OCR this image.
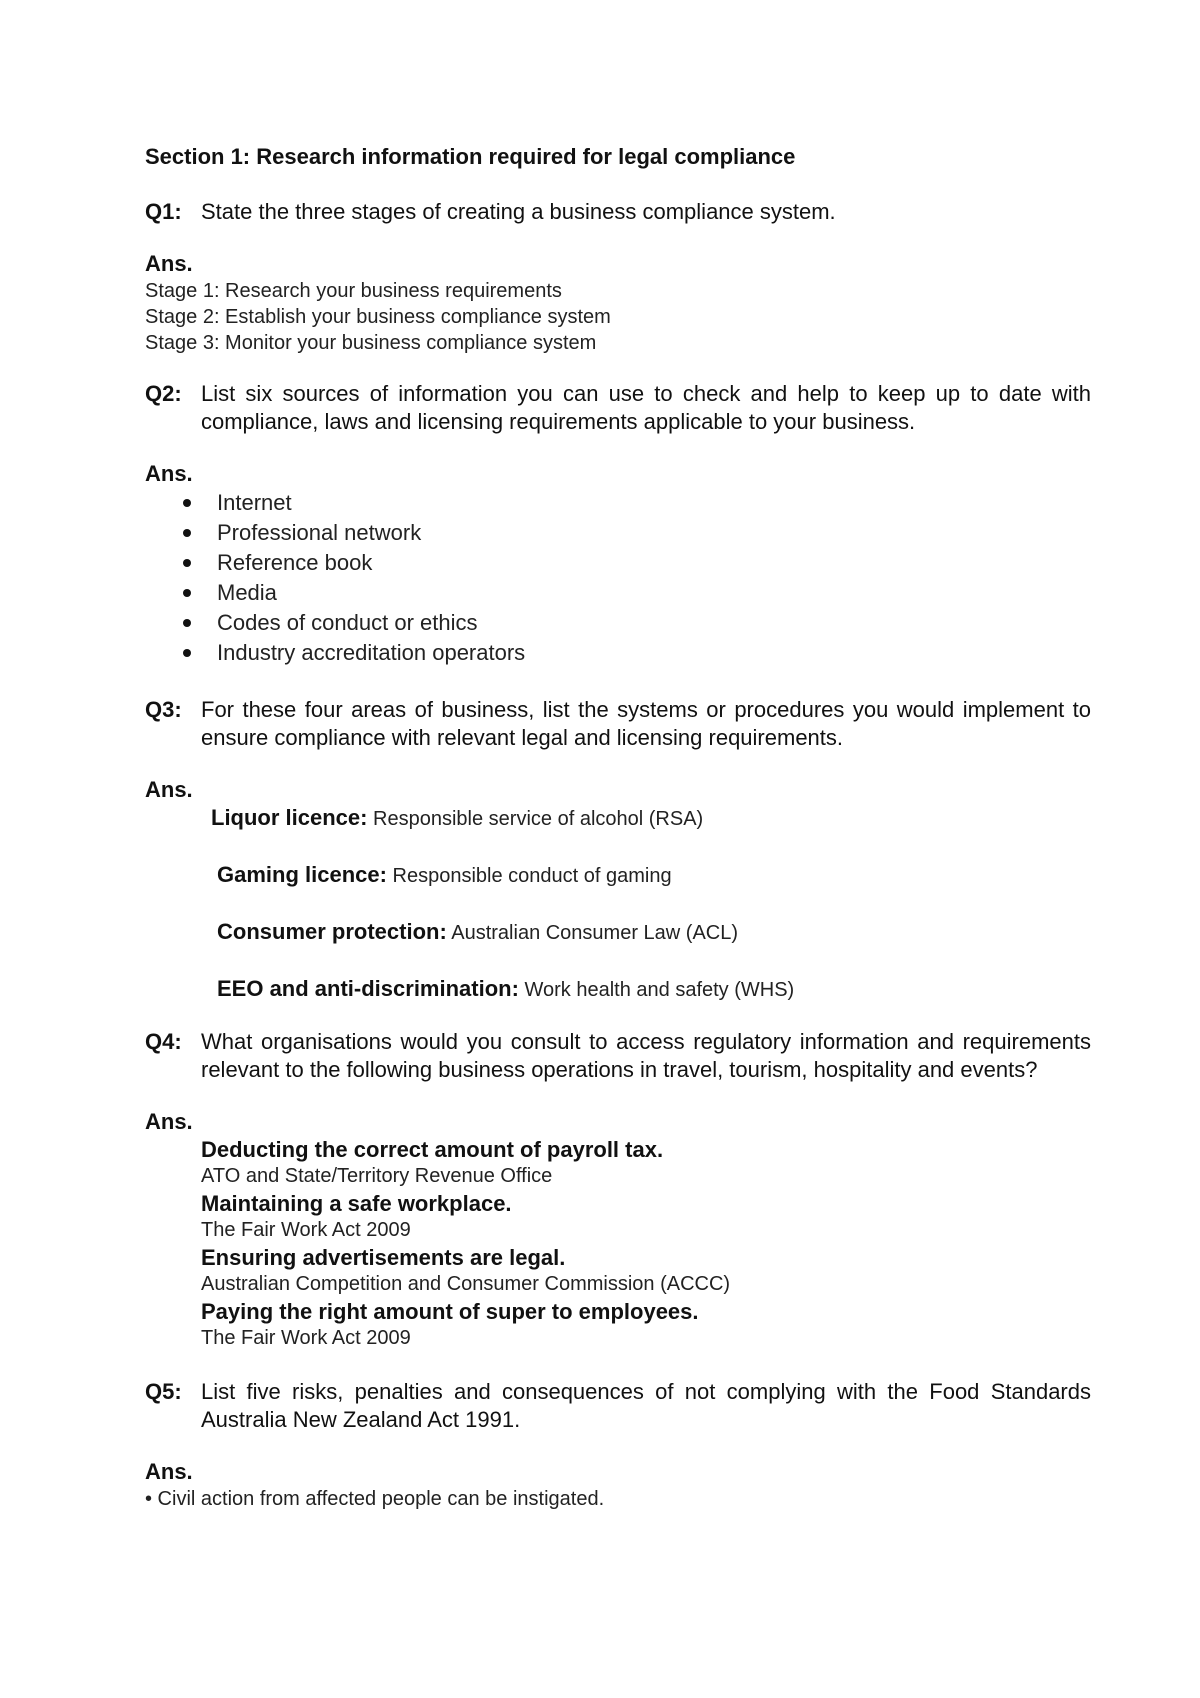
Section 1: Research information required for legal compliance
Q1: State the three stages of creating a business compliance system.
Ans.
Stage 1: Research your business requirements
Stage 2: Establish your business compliance system
Stage 3: Monitor your business compliance system
Q2: List six sources of information you can use to check and help to keep up to date with compliance, laws and licensing requirements applicable to your business.
Ans.
Internet
Professional network
Reference book
Media
Codes of conduct or ethics
Industry accreditation operators
Q3: For these four areas of business, list the systems or procedures you would implement to ensure compliance with relevant legal and licensing requirements.
Ans.
Liquor licence: Responsible service of alcohol (RSA)
Gaming licence: Responsible conduct of gaming
Consumer protection: Australian Consumer Law (ACL)
EEO and anti-discrimination: Work health and safety (WHS)
Q4: What organisations would you consult to access regulatory information and requirements relevant to the following business operations in travel, tourism, hospitality and events?
Ans.
Deducting the correct amount of payroll tax.
ATO and State/Territory Revenue Office
Maintaining a safe workplace.
The Fair Work Act 2009
Ensuring advertisements are legal.
Australian Competition and Consumer Commission (ACCC)
Paying the right amount of super to employees.
The Fair Work Act 2009
Q5: List five risks, penalties and consequences of not complying with the Food Standards Australia New Zealand Act 1991.
Ans.
• Civil action from affected people can be instigated.
